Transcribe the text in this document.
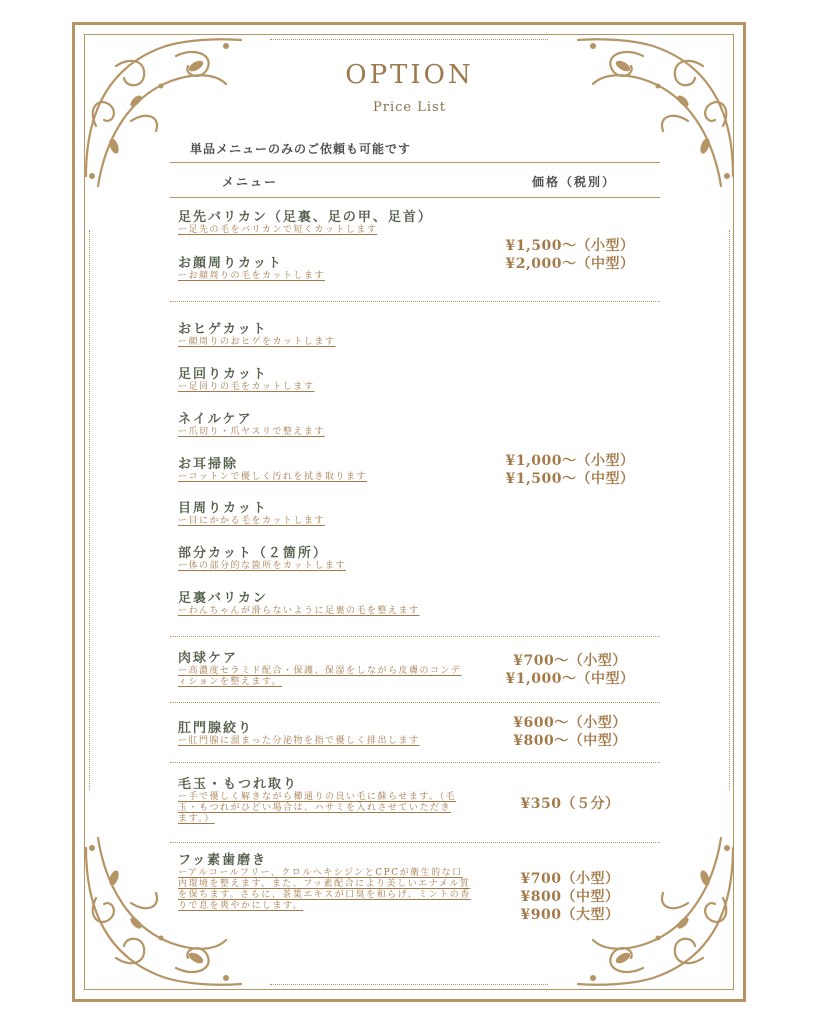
OPTION
Price List
単品メニューのみのご依頼も可能です
メニュー	価格（税別）
足先バリカン（足裏、足の甲、足首）
ー足先の毛をバリカンで短くカットします
お顔周りカット
ーお顔周りの毛をカットします
¥1,500～（小型）
¥2,000～（中型）
おヒゲカット
ー顔周りのおヒゲをカットします
足回りカット
ー足回りの毛をカットします
ネイルケア
ー爪切り・爪ヤスリで整えます
お耳掃除
ーコットンで優しく汚れを拭き取ります
目周りカット
ー目にかかる毛をカットします
部分カット（２箇所）
ー体の部分的な箇所をカットします
足裏バリカン
ーわんちゃんが滑らないように足裏の毛を整えます
¥1,000～（小型）
¥1,500～（中型）
肉球ケア
ー高濃度セラミド配合・保護、保湿をしながら皮膚のコンディションを整えます。
¥700～（小型）
¥1,000～（中型）
肛門腺絞り
ー肛門腺に溜まった分泌物を指で優しく排出します
¥600～（小型）
¥800～（中型）
毛玉・もつれ取り
ー手で優しく解きながら櫛通りの良い毛に蘇らせます。（毛玉・もつれがひどい場合は、ハサミを入れさせていただきます。）
¥350（５分）
フッ素歯磨き
ーアルコールフリー、クロルヘキシジンとCPCが衛生的な口内環境を整えます。また、フッ素配合により美しいエナメル質を保ちます。さらに、茶葉エキスが口臭を和らげ、ミントの香りで息を爽やかにします。
¥700（小型）
¥800（中型）
¥900（大型）
